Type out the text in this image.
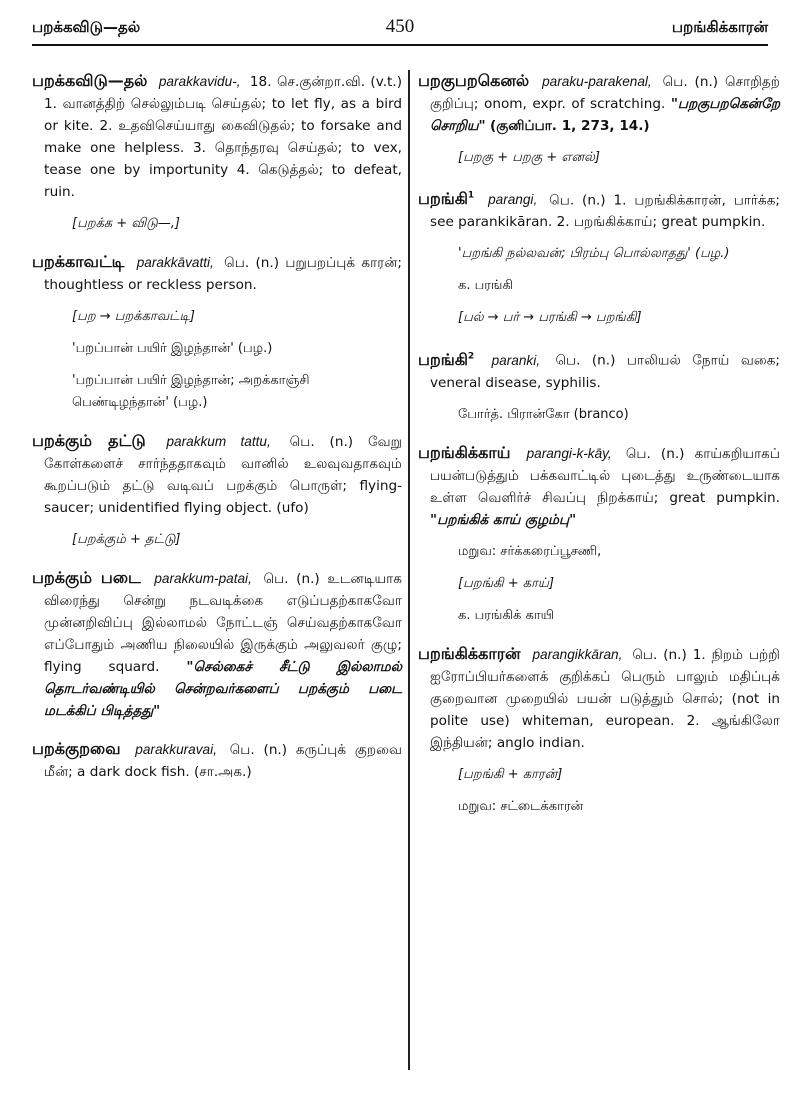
பறக்கவிடு—தல்	450	பறங்கிக்காரன்

பறக்கவிடு—தல் parakkavidu-, 18. செ.குன்றா.வி. (v.t.) 1. வானத்திற் செல்லும்படி செய்தல்; to let fly, as a bird or kite. 2. உதவிசெய்யாது கைவிடுதல்; to forsake and make one helpless. 3. தொந்தரவு செய்தல்; to vex, tease one by importunity 4. கெடுத்தல்; to defeat, ruin.

[பறக்க + விடு—,]

பறக்காவட்டி parakkāvatti, பெ. (n.) பறுபறப்புக் காரன்; thoughtless or reckless person.

[பற → பறக்காவட்டி]
'பறப்பான் பயிர் இழந்தான்' (பழ.)
'பறப்பான் பயிர் இழந்தான்; அறக்காஞ்சி பெண்டிழந்தான்' (பழ.)

பறக்கும் தட்டு parakkum tattu, பெ. (n.) வேறு கோள்களைச் சார்ந்ததாகவும் வானில் உலவுவதாகவும் கூறப்படும் தட்டு வடிவப் பறக்கும் பொருள்; flying-saucer; unidentified flying object. (ufo)

[பறக்கும் + தட்டு]

பறக்கும் படை parakkum-patai, பெ. (n.) உடனடியாக விரைந்து சென்று நடவடிக்கை எடுப்பதற்காகவோ முன்னறிவிப்பு இல்லாமல் நோட்டஞ் செய்வதற்காகவோ எப்போதும் அணிய நிலையில் இருக்கும் அலுவலர் குழு; flying squard. "செல்கைச் சீட்டு இல்லாமல் தொடர்வண்டியில் சென்றவர்களைப் பறக்கும் படை மடக்கிப் பிடித்தது"

பறக்குறவை parakkuravai, பெ. (n.) கருப்புக் குறவை மீன்; a dark dock fish. (சா.அக.)

பறகுபறகெனல் paraku-parakenal, பெ. (n.) சொறிதற் குறிப்பு; onom, expr. of scratching. "பறகுபறகென்றே சொறிய" (குனிப்பா. 1, 273, 14.)

[பறகு + பறகு + எனல்]

பறங்கி$^1$ parangi, பெ. (n.) 1. பறங்கிக்காரன், பார்க்க; see parankikāran. 2. பறங்கிக்காய்; great pumpkin.

'பறங்கி நல்லவன்; பிரம்பு பொல்லாதது' (பழ.)
க. பரங்கி
[பல் → பர் → பரங்கி → பறங்கி]

பறங்கி$^2$ paranki, பெ. (n.) பாலியல் நோய் வகை; veneral disease, syphilis.

போர்த். பிரான்கோ (branco)

பறங்கிக்காய் parangi-k-kāy, பெ. (n.) காய்கறியாகப் பயன்படுத்தும் பக்கவாட்டில் புடைத்து உருண்டையாக உள்ள வெளிர்ச் சிவப்பு நிறக்காய்; great pumpkin. "பறங்கிக் காய் குழம்பு"

மறுவ: சர்க்கரைப்பூசணி,
[பறங்கி + காய்]
க. பரங்கிக் காயி

பறங்கிக்காரன் parangikkāran, பெ. (n.) 1. நிறம் பற்றி ஐரோப்பியர்களைக் குறிக்கப் பெரும் பாலும் மதிப்புக் குறைவான முறையில் பயன் படுத்தும் சொல்; (not in polite use) whiteman, european. 2. ஆங்கிலோ இந்தியன்; anglo indian.

[பறங்கி + காரன்]
மறுவ: சட்டைக்காரன்
